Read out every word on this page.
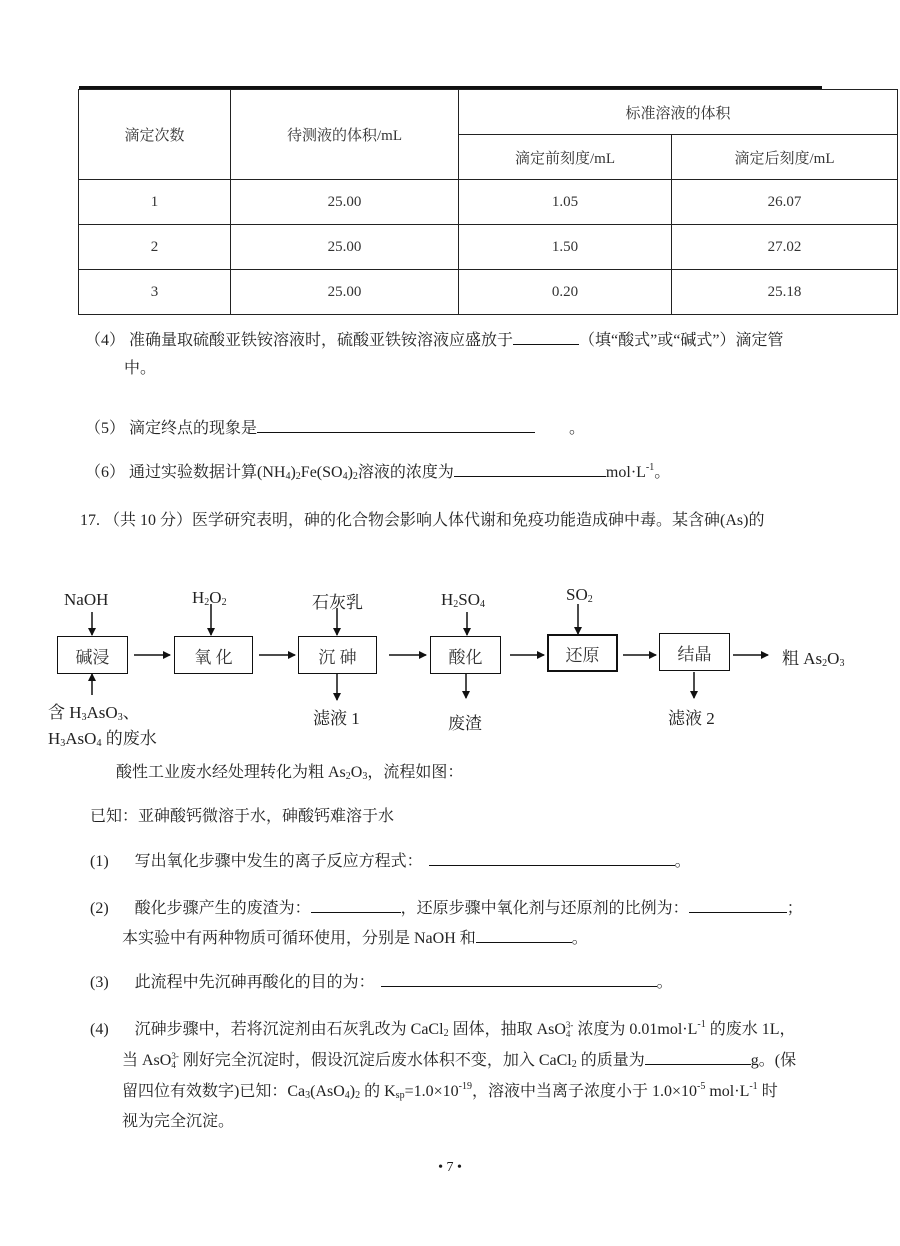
滴定次数	待测液的体积/mL	标准溶液的体积	
		滴定前刻度/mL	滴定后刻度/mL
1	25.00	1.05	26.07
2	25.00	1.50	27.02
3	25.00	0.20	25.18
（4） 准确量取硫酸亚铁铵溶液时，硫酸亚铁铵溶液应盛放于	（填“酸式”或“碱式”）滴定管
中。
（5） 滴定终点的现象是	。
（6） 通过实验数据计算$(NH_4)_2Fe(SO_4)_2$溶液的浓度为	$mol\cdot L^{-1}$。
17. （共 10 分）医学研究表明，砷的化合物会影响人体代谢和免疫功能造成砷中毒。某含砷(As)的
碱浸	氧 化	沉 砷	酸化	还原	结晶
NaOH	$H_2O_2$	石灰乳	$H_2SO_4$
$SO_2$
含 $H_3AsO_3$、
$H_3AsO_4$ 的废水
滤液 1	废渣	滤液 2
粗 $As_2O_3$
酸性工业废水经处理转化为粗 $As_2O_3$，流程如图：
已知：亚砷酸钙微溶于水，砷酸钙难溶于水
(1) 写出氧化步骤中发生的离子反应方程式：	。
(2) 酸化步骤产生的废渣为：	，还原步骤中氧化剂与还原剂的比例为：	；
本实验中有两种物质可循环使用，分别是 NaOH 和	。
(3) 此流程中先沉砷再酸化的目的为：	。
(4) 沉砷步骤中，若将沉淀剂由石灰乳改为 CaCl$_2$ 固体，抽取 AsO 3-
4 浓度为 $0.01mol\cdot L^{-1}$ 的废水 1L，
当 AsO 3-
4 刚好完全沉淀时，假设沉淀后废水体积不变，加入 CaCl$_2$ 的质量为	g。(保
留四位有效数字)已知：$Ca_3(AsO_4)_2$ 的 $K_{sp}=1.0\times 10^{-19}$，溶液中当离子浓度小于 $1.0\times 10^{-5}$ $mol\cdot L^{-1}$ 时
视为完全沉淀。
• 7 •
